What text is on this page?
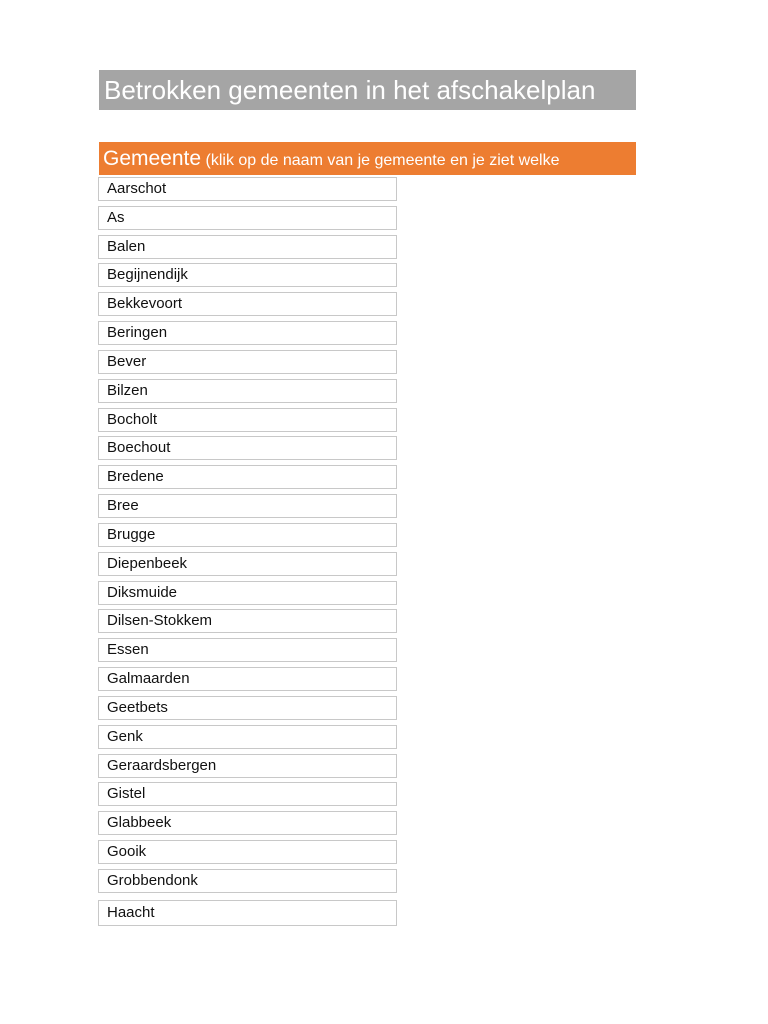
Betrokken gemeenten in het afschakelplan
Gemeente (klik op de naam van je gemeente en je ziet welke
Aarschot
As
Balen
Begijnendijk
Bekkevoort
Beringen
Bever
Bilzen
Bocholt
Boechout
Bredene
Bree
Brugge
Diepenbeek
Diksmuide
Dilsen-Stokkem
Essen
Galmaarden
Geetbets
Genk
Geraardsbergen
Gistel
Glabbeek
Gooik
Grobbendonk
Haacht
